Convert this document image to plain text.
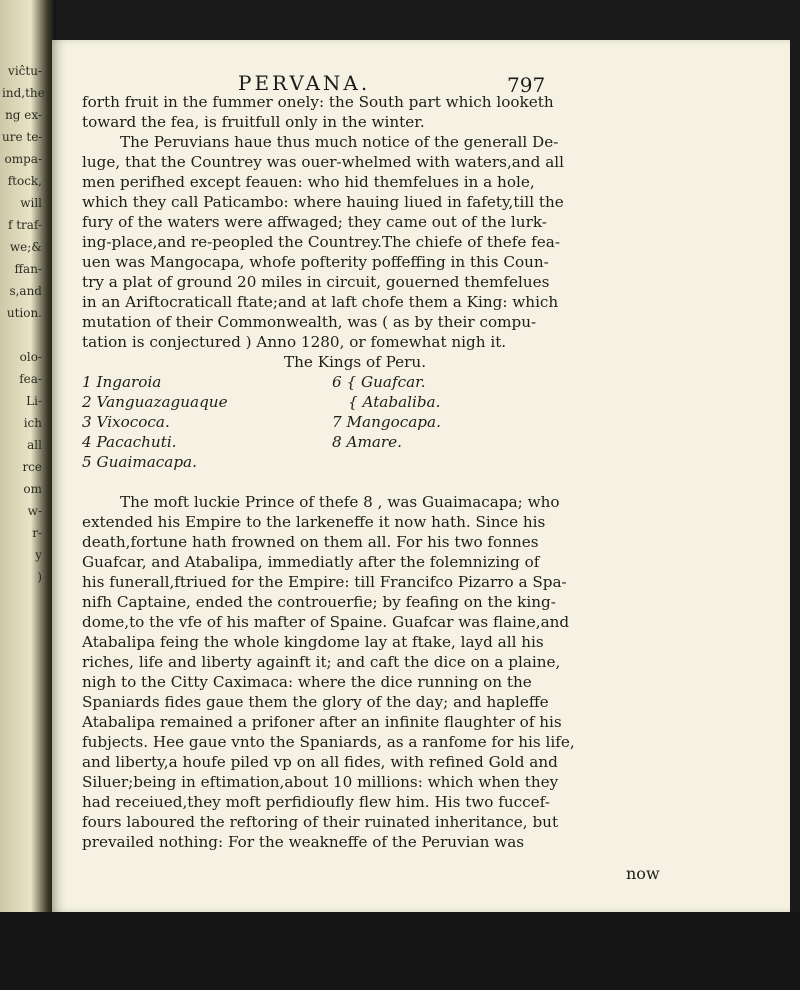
viĉtu-
ind,the
ng ex-
ure te-
ompa-
ftock,
will
f traf-
we;&
ffan-
s,and
ution.
olo-
fea-
Li-
ich
all
rce
om
w-
r-
y
)
PERVANA.	797
forth fruit in the fummer onely: the South part which looketh
toward the fea, is fruitfull only in the winter.
The Peruvians haue thus much notice of the generall De-
luge, that the Countrey was ouer-whelmed with waters,and all
men perifhed except feauen: who hid themfelues in a hole,
which they call Paticambo: where hauing liued in fafety,till the
fury of the waters were affwaged; they came out of the lurk-
ing-place,and re-peopled the Countrey.The chiefe of thefe fea-
uen was Mangocapa, whofe pofterity poffeffing in this Coun-
try a plat of ground 20 miles in circuit, gouerned themfelues
in an Ariftocraticall ftate;and at laft chofe them a King: which
mutation of their Commonwealth, was ( as by their compu-
tation is conjectured ) Anno 1280, or fomewhat nigh it.
The Kings of Peru.
1 Ingaroia
2 Vanguazaguaque
3 Vixococa.
4 Pacachuti.
5 Guaimacapa.
6 { Guafcar.
{ Atabaliba.
7 Mangocapa.
8 Amare.
The moft luckie Prince of thefe 8 , was Guaimacapa; who
extended his Empire to the larkeneffe it now hath. Since his
death,fortune hath frowned on them all. For his two fonnes
Guafcar, and Atabalipa, immediatly after the folemnizing of
his funerall,ftriued for the Empire: till Francifco Pizarro a Spa-
nifh Captaine, ended the controuerfie; by feafing on the king-
dome,to the vfe of his mafter of Spaine. Guafcar was flaine,and
Atabalipa feing the whole kingdome lay at ftake, layd all his
riches, life and liberty againft it; and caft the dice on a plaine,
nigh to the Citty Caximaca: where the dice running on the
Spaniards fides gaue them the glory of the day; and hapleffe
Atabalipa remained a prifoner after an infinite flaughter of his
fubjects. Hee gaue vnto the Spaniards, as a ranfome for his life,
and liberty,a houfe piled vp on all fides, with refined Gold and
Siluer;being in eftimation,about 10 millions: which when they
had receiued,they moft perfidioufly flew him. His two fuccef-
fours laboured the reftoring of their ruinated inheritance, but
prevailed nothing: For the weakneffe of the Peruvian was
now
